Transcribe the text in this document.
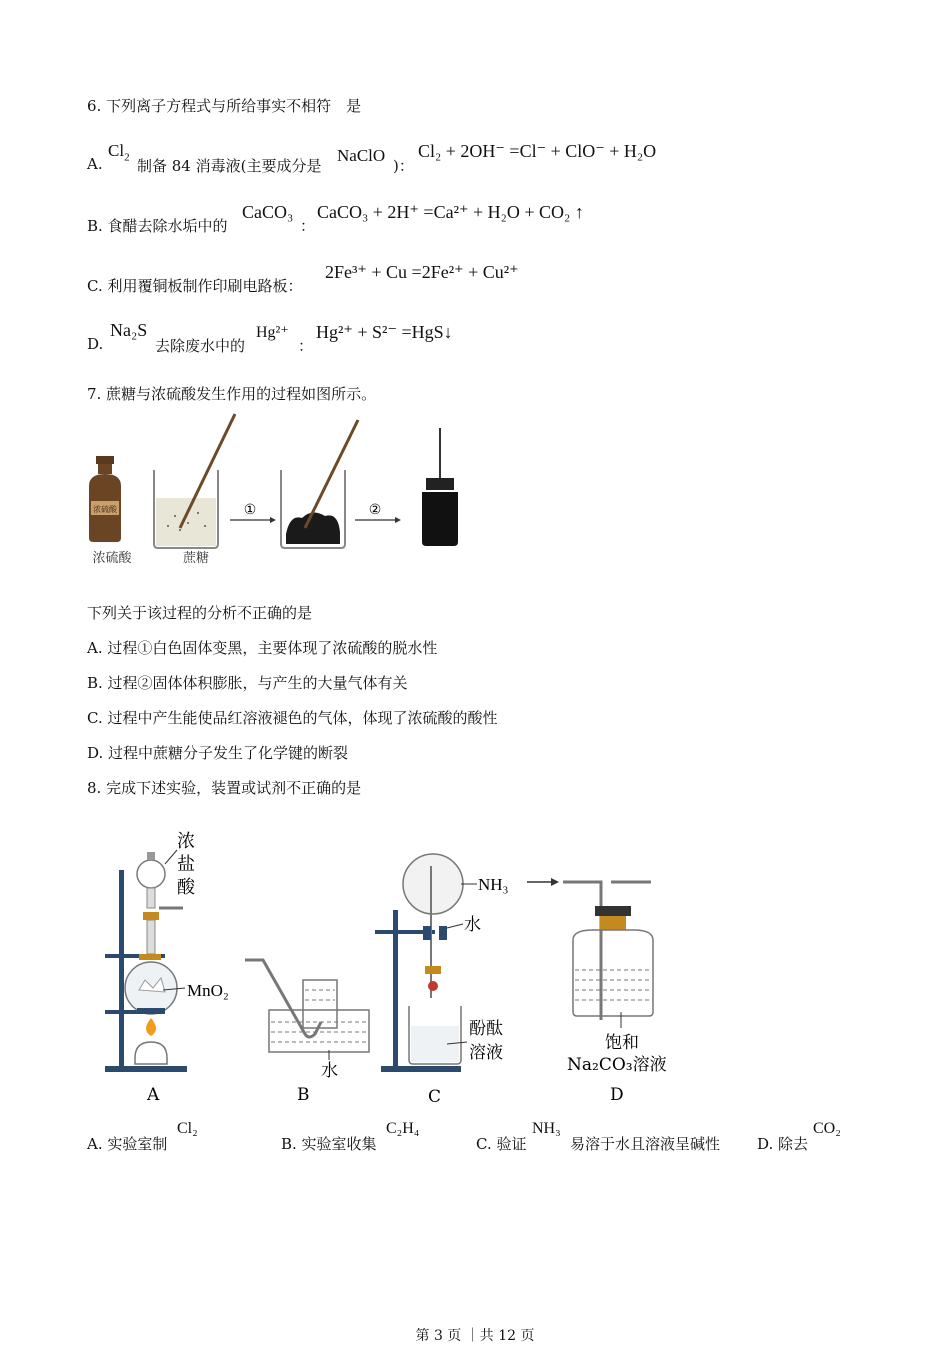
6. 下列离子方程式与所给事实不相符　是
A.
$Cl_2$ 制备 84 消毒液(主要成分是
NaClO
)：
Cl₂ + 2OH⁻ =Cl⁻ + ClO⁻ + H₂O
B. 食醋去除水垢中的
CaCO₃
：
CaCO₃ + 2H⁺ =Ca²⁺ + H₂O + CO₂ ↑
C. 利用覆铜板制作印刷电路板：
2Fe³⁺ + Cu =2Fe²⁺ + Cu²⁺
D.
Na₂S
去除废水中的
Hg²⁺
：
Hg²⁺ + S²⁻ =HgS↓
7. 蔗糖与浓硫酸发生作用的过程如图所示。
浓硫酸	①	②
浓硫酸	蔗糖
下列关于该过程的分析不正确的是
A. 过程①白色固体变黑，主要体现了浓硫酸的脱水性
B. 过程②固体体积膨胀，与产生的大量气体有关
C. 过程中产生能使品红溶液褪色的气体，体现了浓硫酸的酸性
D. 过程中蔗糖分子发生了化学键的断裂
8. 完成下述实验，装置或试剂不正确的是
浓
盐
酸
MnO₂
A
水
B
NH₃
水
酚酞
溶液
C
饱和
Na₂CO₃溶液
D
A. 实验室制
Cl₂
B. 实验室收集
C₂H₄
C. 验证
NH₃
易溶于水且溶液呈碱性 D. 除去
CO₂
第 3 页 ｜共 12 页
